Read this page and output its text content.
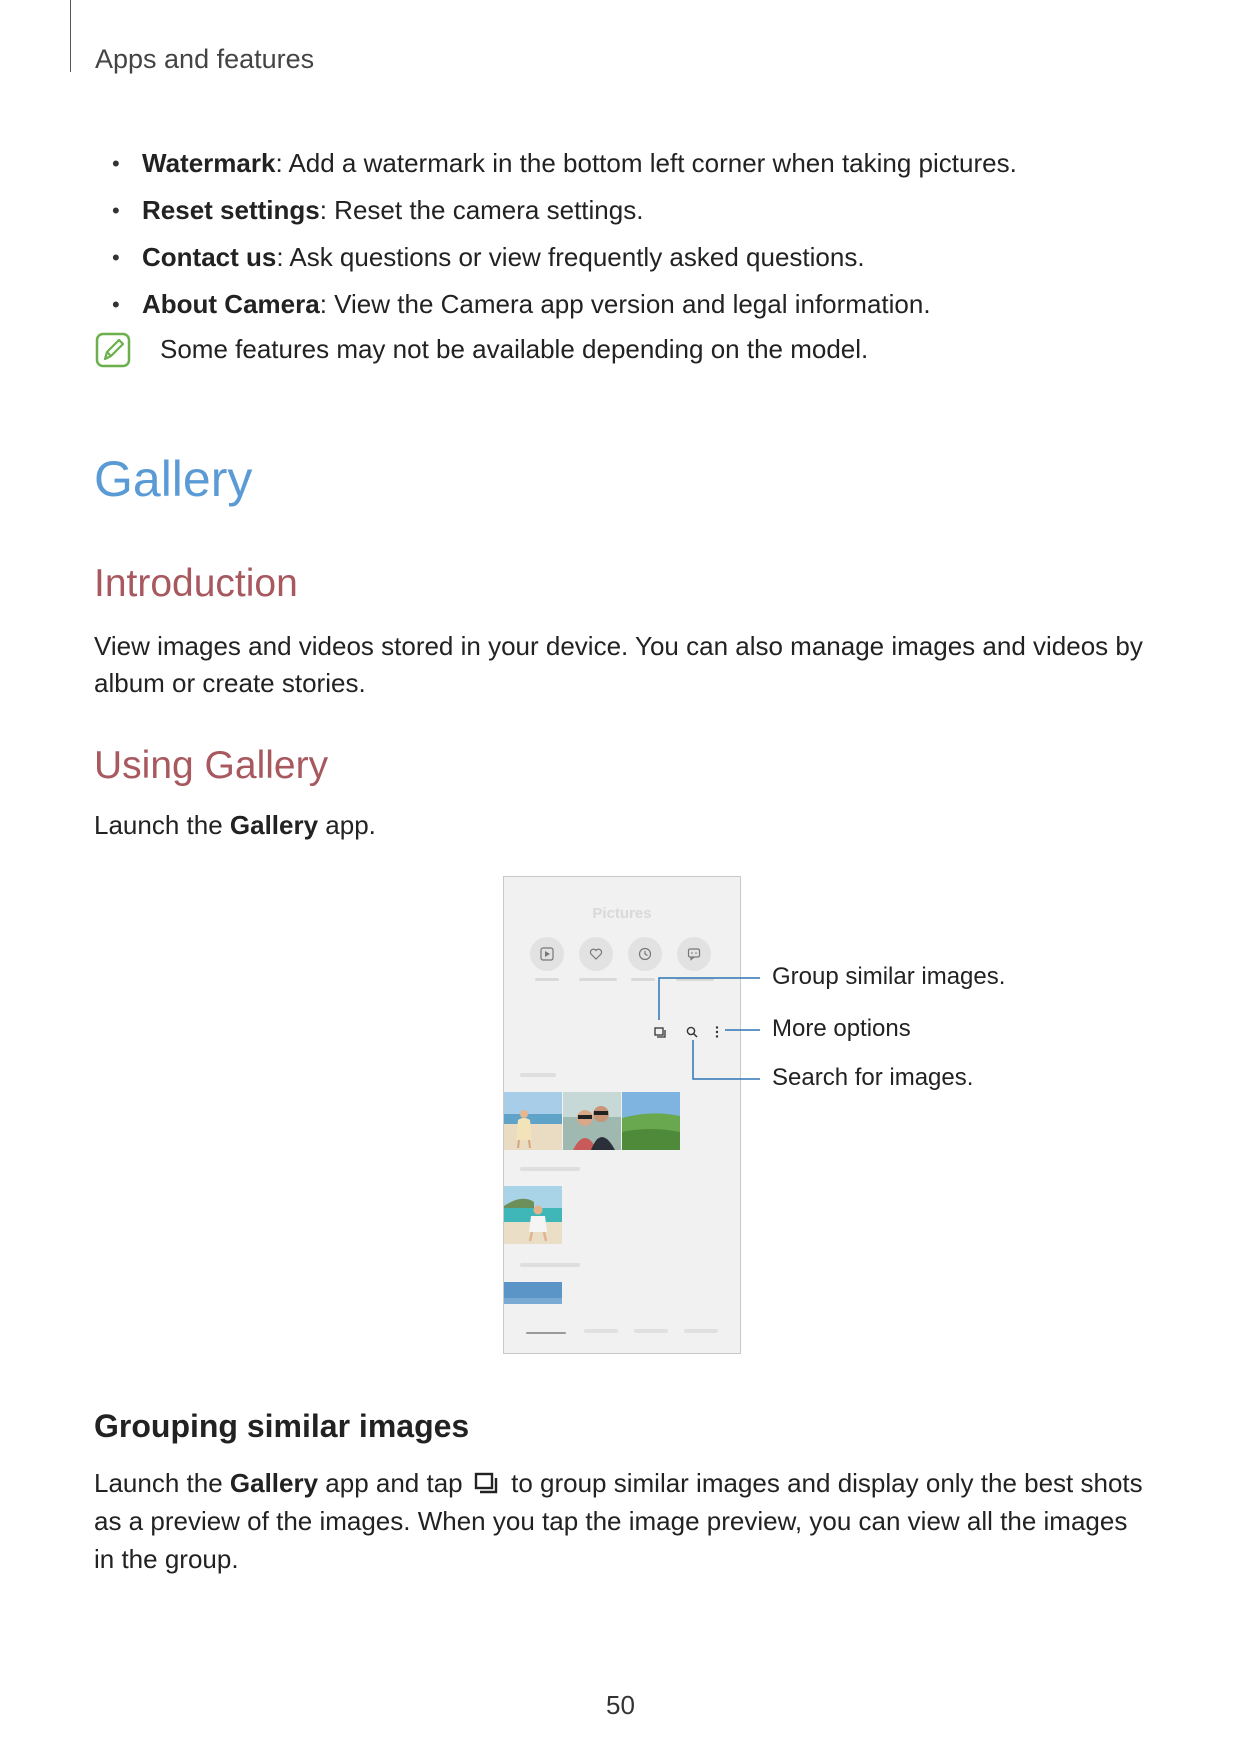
Apps and features
• Watermark: Add a watermark in the bottom left corner when taking pictures.
• Reset settings: Reset the camera settings.
• Contact us: Ask questions or view frequently asked questions.
• About Camera: View the Camera app version and legal information.
Some features may not be available depending on the model.
Gallery
Introduction
View images and videos stored in your device. You can also manage images and videos by album or create stories.
Using Gallery
Launch the Gallery app.
Pictures
Group similar images.
More options
Search for images.
Grouping similar images
Launch the Gallery app and tap  to group similar images and display only the best shots as a preview of the images. When you tap the image preview, you can view all the images in the group.
50
